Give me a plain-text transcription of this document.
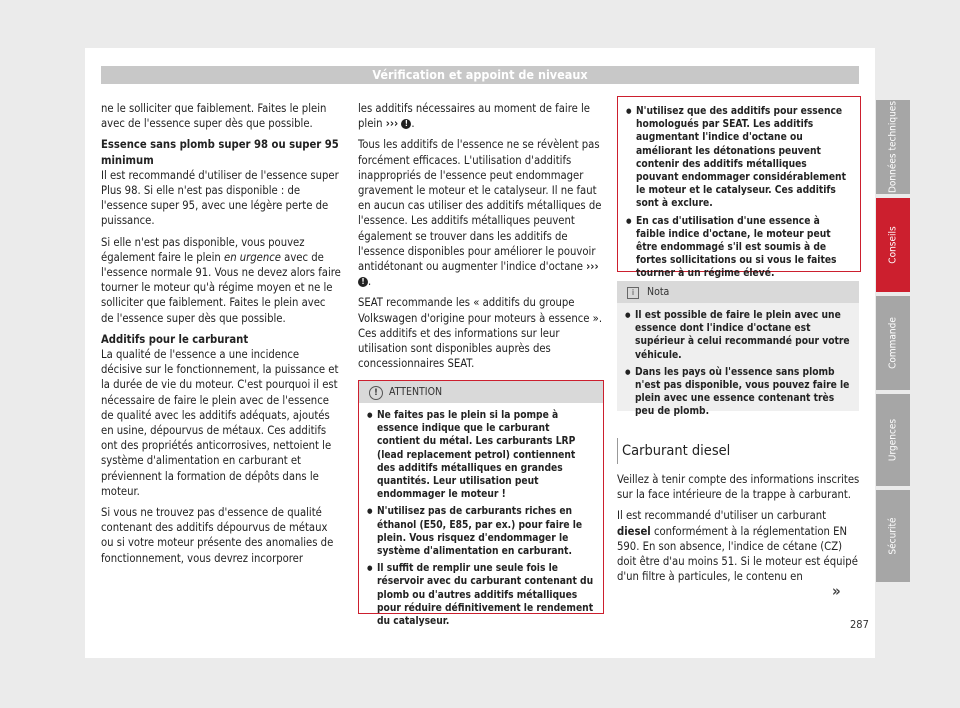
Vérification et appoint de niveaux

ne le solliciter que faiblement. Faites le plein avec de l'essence super dès que possible.

Essence sans plomb super 98 ou super 95 minimum

Il est recommandé d'utiliser de l'essence super Plus 98. Si elle n'est pas disponible : de l'essence super 95, avec une légère perte de puissance.

Si elle n'est pas disponible, vous pouvez également faire le plein en urgence avec de l'essence normale 91. Vous ne devez alors faire tourner le moteur qu'à régime moyen et ne le solliciter que faiblement. Faites le plein avec de l'essence super dès que possible.

Additifs pour le carburant

La qualité de l'essence a une incidence décisive sur le fonctionnement, la puissance et la durée de vie du moteur. C'est pourquoi il est nécessaire de faire le plein avec de l'essence de qualité avec les additifs adéquats, ajoutés en usine, dépourvus de métaux. Ces additifs ont des propriétés anticorrosives, nettoient le système d'alimentation en carburant et préviennent la formation de dépôts dans le moteur.

Si vous ne trouvez pas d'essence de qualité contenant des additifs dépourvus de métaux ou si votre moteur présente des anomalies de fonctionnement, vous devrez incorporer

les additifs nécessaires au moment de faire le plein ››› ! .

Tous les additifs de l'essence ne se révèlent pas forcément efficaces. L'utilisation d'additifs inappropriés de l'essence peut endommager gravement le moteur et le catalyseur. Il ne faut en aucun cas utiliser des additifs métalliques de l'essence. Les additifs métalliques peuvent également se trouver dans les additifs de l'essence disponibles pour améliorer le pouvoir antidétonant ou augmenter l'indice d'octane ››› ! .

SEAT recommande les « additifs du groupe Volkswagen d'origine pour moteurs à essence ». Ces additifs et des informations sur leur utilisation sont disponibles auprès des concessionnaires SEAT.

!	ATTENTION
● Ne faites pas le plein si la pompe à essence indique que le carburant contient du métal. Les carburants LRP (lead replacement petrol) contiennent des additifs métalliques en grandes quantités. Leur utilisation peut endommager le moteur !
● N'utilisez pas de carburants riches en éthanol (E50, E85, par ex.) pour faire le plein. Vous risquez d'endommager le système d'alimentation en carburant.
● Il suffit de remplir une seule fois le réservoir avec du carburant contenant du plomb ou d'autres additifs métalliques pour réduire définitivement le rendement du catalyseur.
● N'utilisez que des additifs pour essence homologués par SEAT. Les additifs augmentant l'indice d'octane ou améliorant les détonations peuvent contenir des additifs métalliques pouvant endommager considérablement le moteur et le catalyseur. Ces additifs sont à exclure.
● En cas d'utilisation d'une essence à faible indice d'octane, le moteur peut être endommagé s'il est soumis à de fortes sollicitations ou si vous le faites tourner à un régime élevé.
i	Nota
● Il est possible de faire le plein avec une essence dont l'indice d'octane est supérieur à celui recommandé pour votre véhicule.
● Dans les pays où l'essence sans plomb n'est pas disponible, vous pouvez faire le plein avec une essence contenant très peu de plomb.
Carburant diesel

Veillez à tenir compte des informations inscrites sur la face intérieure de la trappe à carburant.

Il est recommandé d'utiliser un carburant diesel conformément à la réglementation EN 590. En son absence, l'indice de cétane (CZ) doit être d'au moins 51. Si le moteur est équipé d'un filtre à particules, le contenu en

»
287
Données techniques
Conseils
Commande
Urgences
Sécurité
